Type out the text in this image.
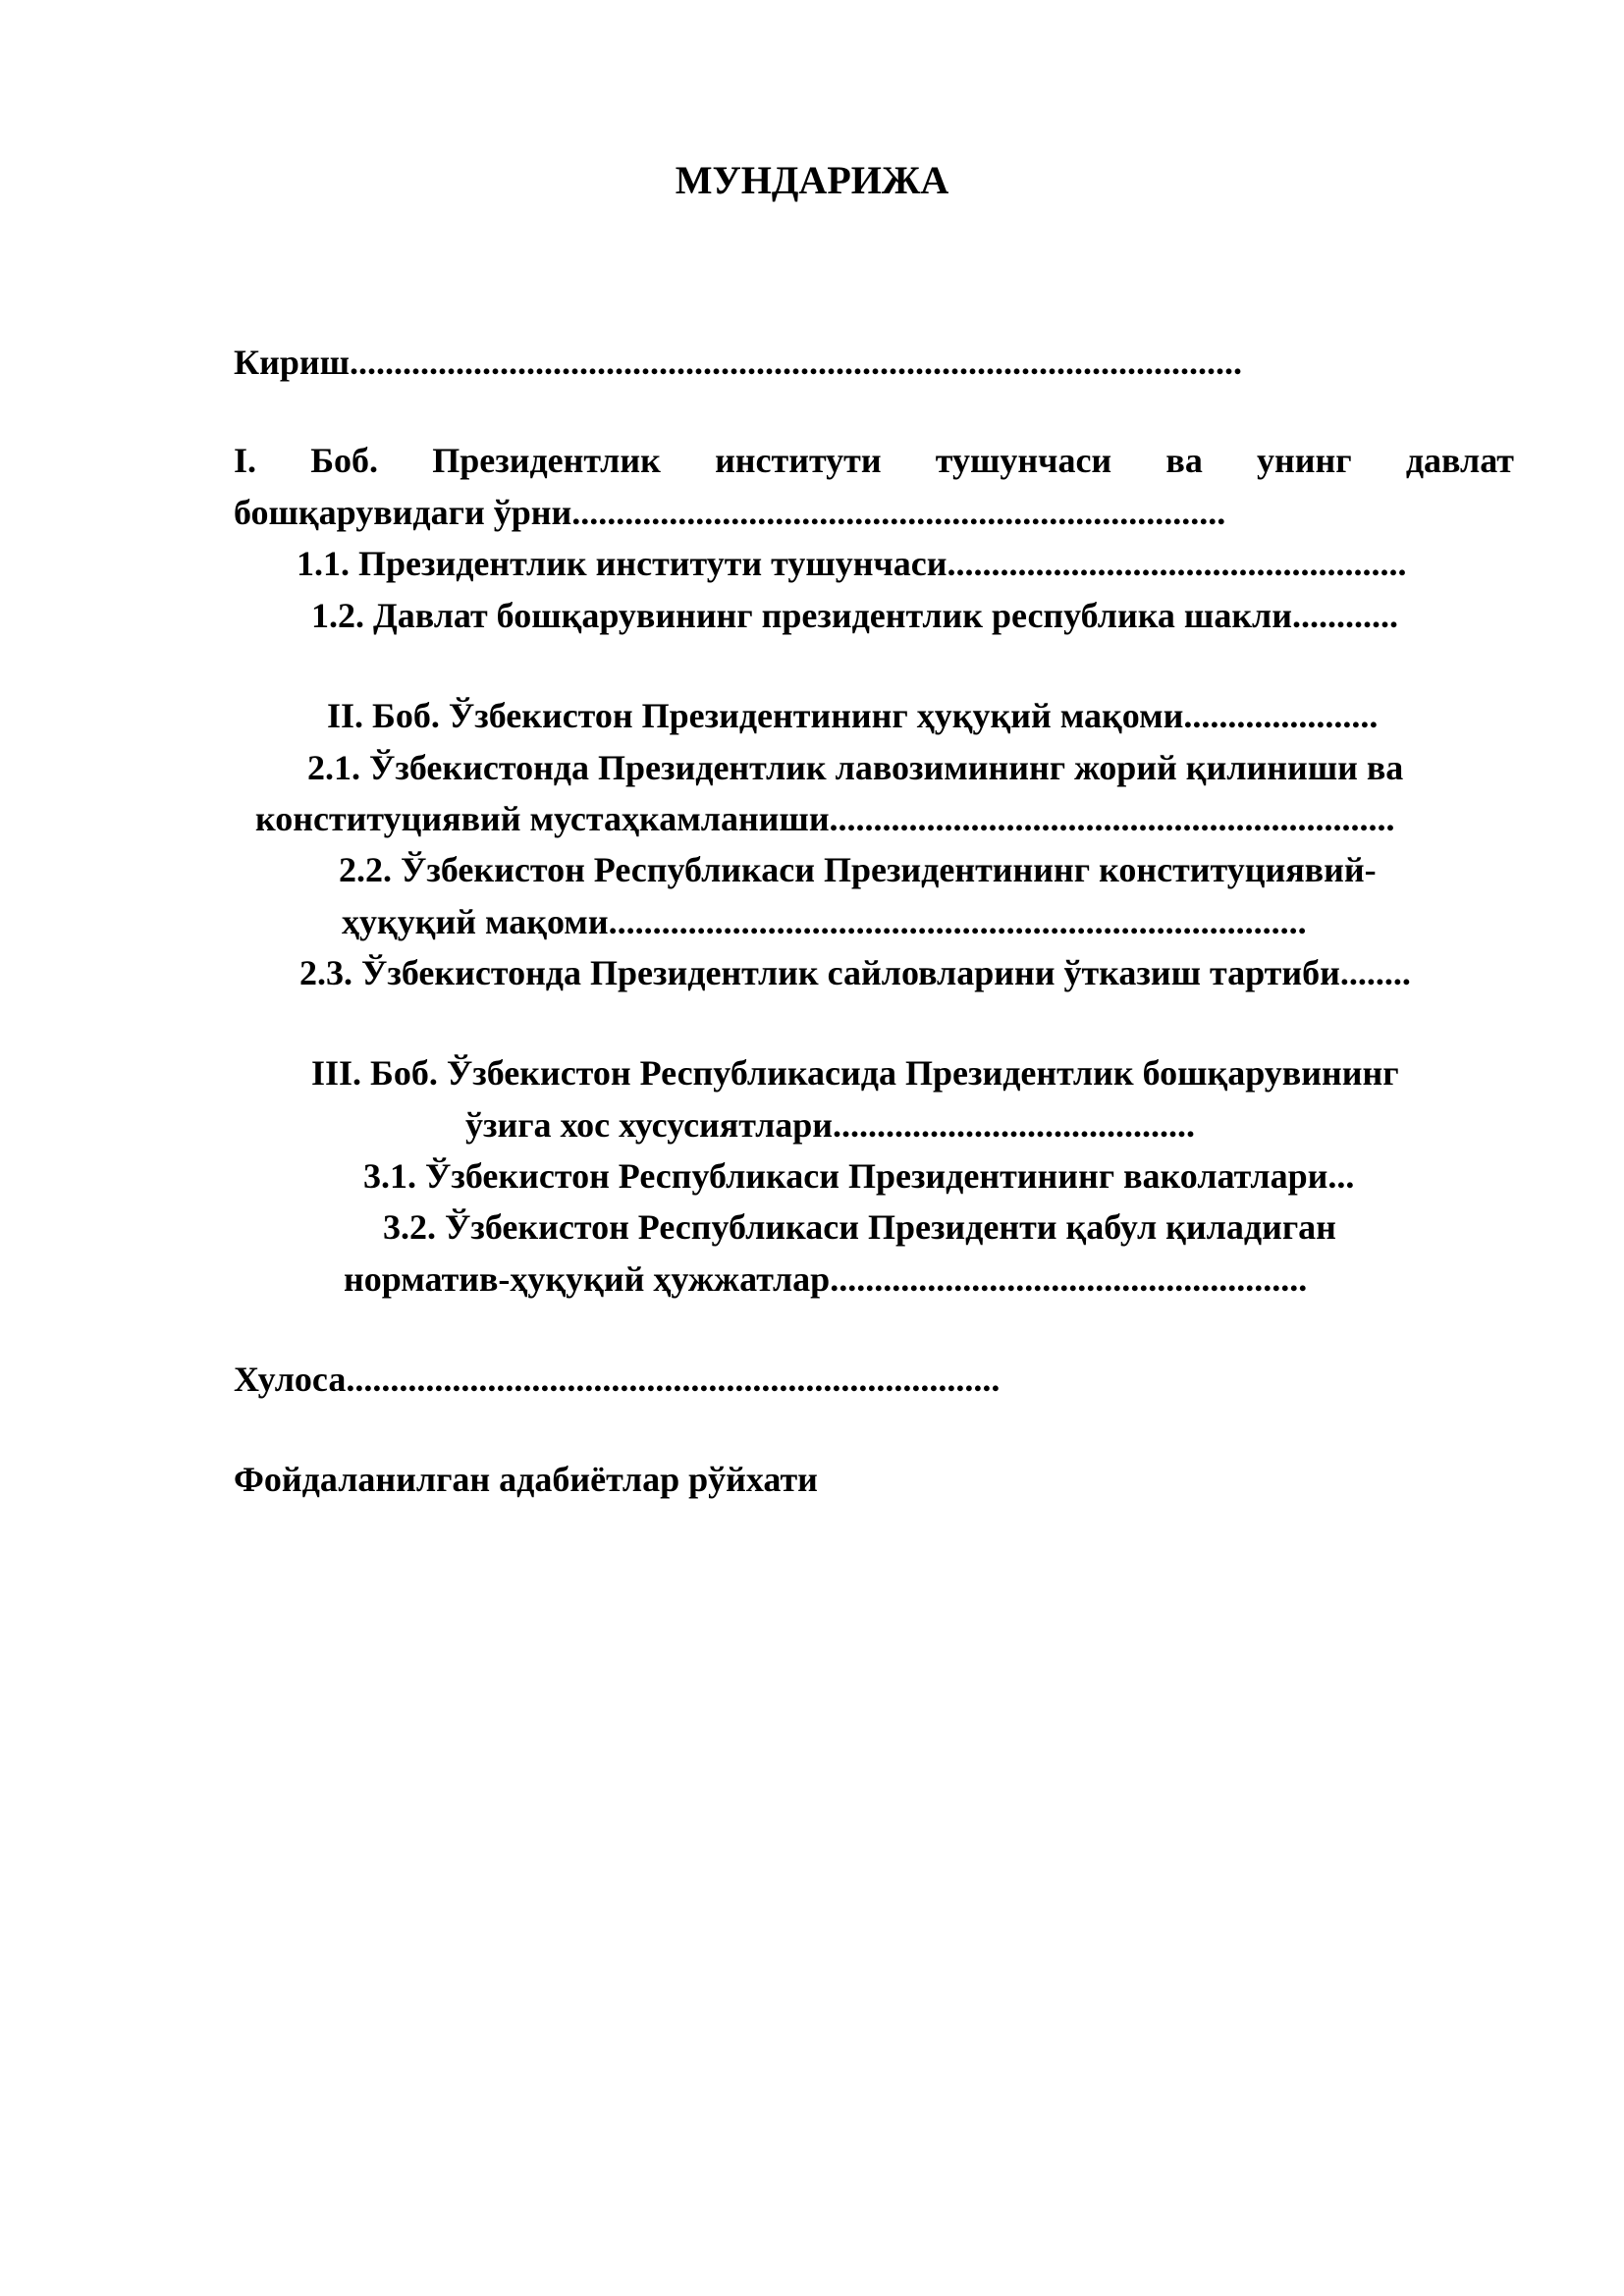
МУНДАРИЖА
Кириш.....................................................................................................
I. Боб. Президентлик институти тушунчаси ва унинг давлат
бошқарувидаги ўрни..........................................................................
1.1. Президентлик институти тушунчаси....................................................
1.2. Давлат бошқарувининг президентлик республика шакли............
II. Боб. Ўзбекистон Президентининг ҳуқуқий мақоми......................
2.1. Ўзбекистонда Президентлик лавозимининг жорий қилиниши ва
конституциявий мустаҳкамланиши................................................................
2.2. Ўзбекистон Республикаси Президентининг конституциявий-
ҳуқуқий мақоми...............................................................................
2.3. Ўзбекистонда Президентлик сайловларини ўтказиш тартиби........
III. Боб. Ўзбекистон Республикасида Президентлик бошқарувининг
ўзига хос хусусиятлари.........................................
3.1. Ўзбекистон Республикаси Президентининг ваколатлари...
3.2. Ўзбекистон Республикаси Президенти қабул қиладиган
норматив-ҳуқуқий ҳужжатлар......................................................
Хулоса..........................................................................
Фойдаланилган адабиётлар рўйхати
